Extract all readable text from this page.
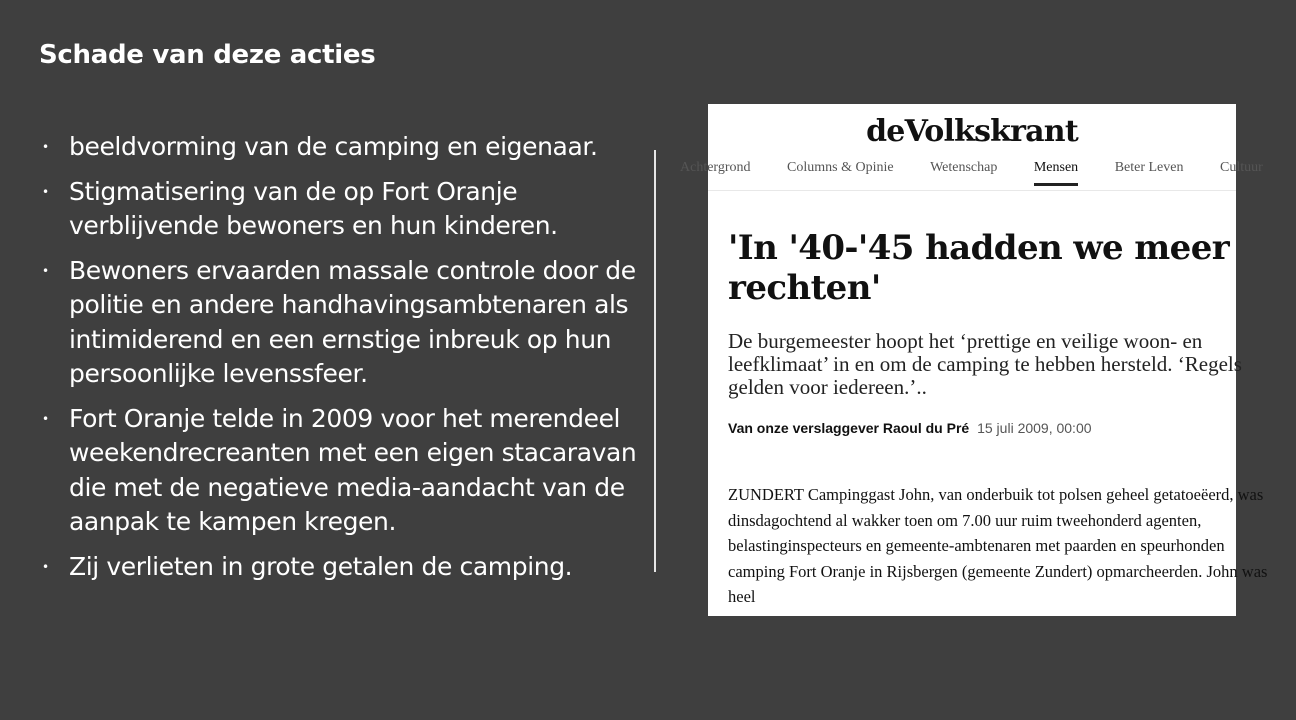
Schade van deze acties
• beeldvorming van de camping en eigenaar.
• Stigmatisering van de op Fort Oranje verblijvende bewoners en hun kinderen.
• Bewoners ervaarden massale controle door de politie en andere handhavingsambtenaren als intimiderend en een ernstige inbreuk op hun persoonlijke levenssfeer.
• Fort Oranje telde in 2009 voor het merendeel weekendrecreanten met een eigen stacaravan die met de negatieve media-aandacht van de aanpak te kampen kregen.
• Zij verlieten in grote getalen de camping.
deVolkskrant
Achtergrond	Columns & Opinie	Wetenschap	Mensen	Beter Leven	Cultuur
'In '40-'45 hadden we meer rechten'

De burgemeester hoopt het ‘prettige en veilige woon- en leefklimaat’ in en om de camping te hebben hersteld. ‘Regels gelden voor iedereen.’..

Van onze verslaggever Raoul du Pré 15 juli 2009, 00:00

ZUNDERT Campinggast John, van onderbuik tot polsen geheel getatoeëerd, was dinsdagochtend al wakker toen om 7.00 uur ruim tweehonderd agenten, belastinginspecteurs en gemeente-ambtenaren met paarden en speurhonden camping Fort Oranje in Rijsbergen (gemeente Zundert) opmarcheerden. John was heel
